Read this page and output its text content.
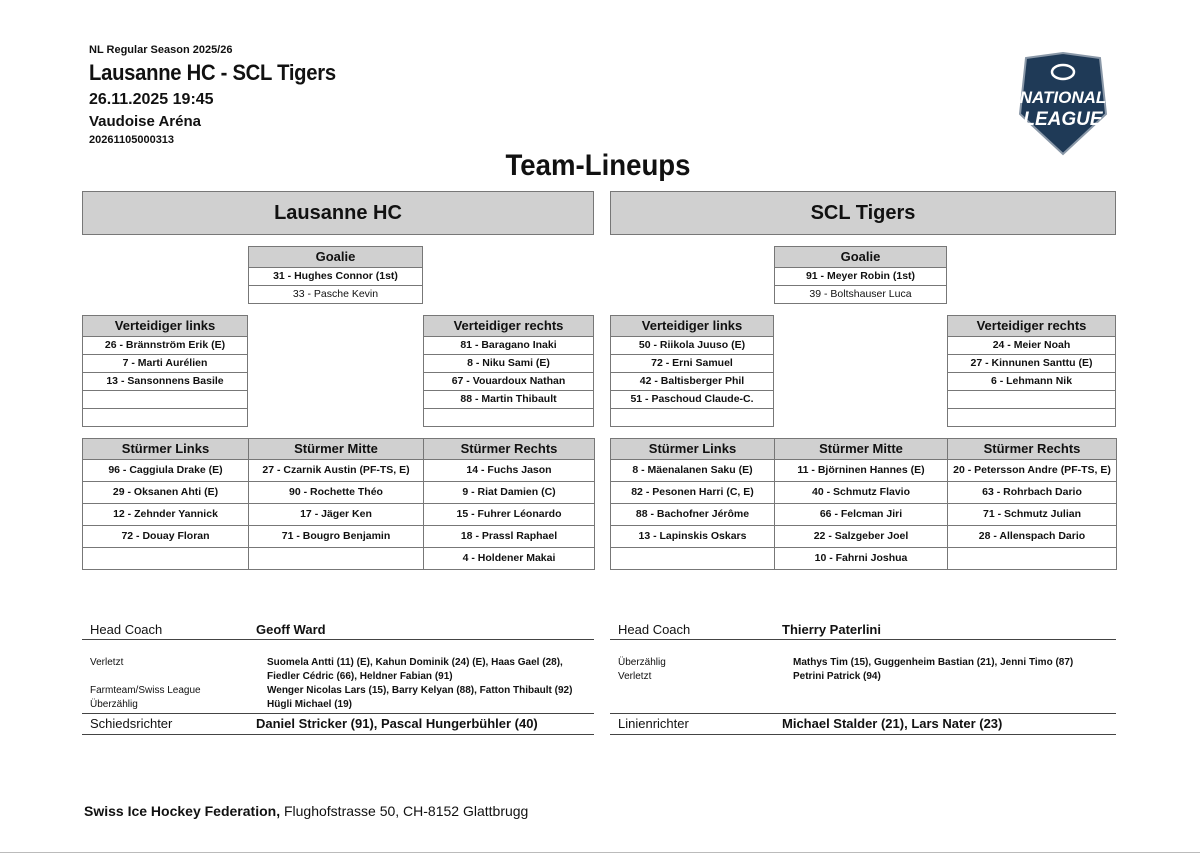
NL Regular Season 2025/26
Lausanne HC - SCL Tigers
26.11.2025 19:45
Vaudoise Aréna
20261105000313
Team-Lineups
NATIONAL
LEAGUE
Lausanne HC	SCL Tigers
Goalie
31 - Hughes Connor (1st)
33 - Pasche Kevin
Verteidiger links
26 - Brännström Erik (E)
7 - Marti Aurélien
13 - Sansonnens Basile

Verteidiger rechts
81 - Baragano Inaki
8 - Niku Sami (E)
67 - Vouardoux Nathan
88 - Martin Thibault

Stürmer Links	Stürmer Mitte	Stürmer Rechts
96 - Caggiula Drake (E)	27 - Czarnik Austin (PF-TS, E)	14 - Fuchs Jason
29 - Oksanen Ahti (E)	90 - Rochette Théo	9 - Riat Damien (C)
12 - Zehnder Yannick	17 - Jäger Ken	15 - Fuhrer Léonardo
72 - Douay Floran	71 - Bougro Benjamin	18 - Prassl Raphael
		4 - Holdener Makai
Goalie
91 - Meyer Robin (1st)
39 - Boltshauser Luca
Verteidiger links
50 - Riikola Juuso (E)
72 - Erni Samuel
42 - Baltisberger Phil
51 - Paschoud Claude-C.

Verteidiger rechts
24 - Meier Noah
27 - Kinnunen Santtu (E)
6 - Lehmann Nik

Stürmer Links	Stürmer Mitte	Stürmer Rechts
8 - Mäenalanen Saku (E)	11 - Björninen Hannes (E)	20 - Petersson Andre (PF-TS, E)
82 - Pesonen Harri (C, E)	40 - Schmutz Flavio	63 - Rohrbach Dario
88 - Bachofner Jérôme	66 - Felcman Jiri	71 - Schmutz Julian
13 - Lapinskis Oskars	22 - Salzgeber Joel	28 - Allenspach Dario
	10 - Fahrni Joshua	
Head Coach	Geoff Ward
Verletzt	Suomela Antti (11) (E), Kahun Dominik (24) (E), Haas Gael (28),
Fiedler Cédric (66), Heldner Fabian (91)
Farmteam/Swiss League	Wenger Nicolas Lars (15), Barry Kelyan (88), Fatton Thibault (92)
Überzählig	Hügli Michael (19)
Schiedsrichter	Daniel Stricker (91), Pascal Hungerbühler (40)
Head Coach	Thierry Paterlini
Überzählig	Mathys Tim (15), Guggenheim Bastian (21), Jenni Timo (87)
Verletzt	Petrini Patrick (94)
Linienrichter	Michael Stalder (21), Lars Nater (23)
Swiss Ice Hockey Federation, Flughofstrasse 50, CH-8152 Glattbrugg
